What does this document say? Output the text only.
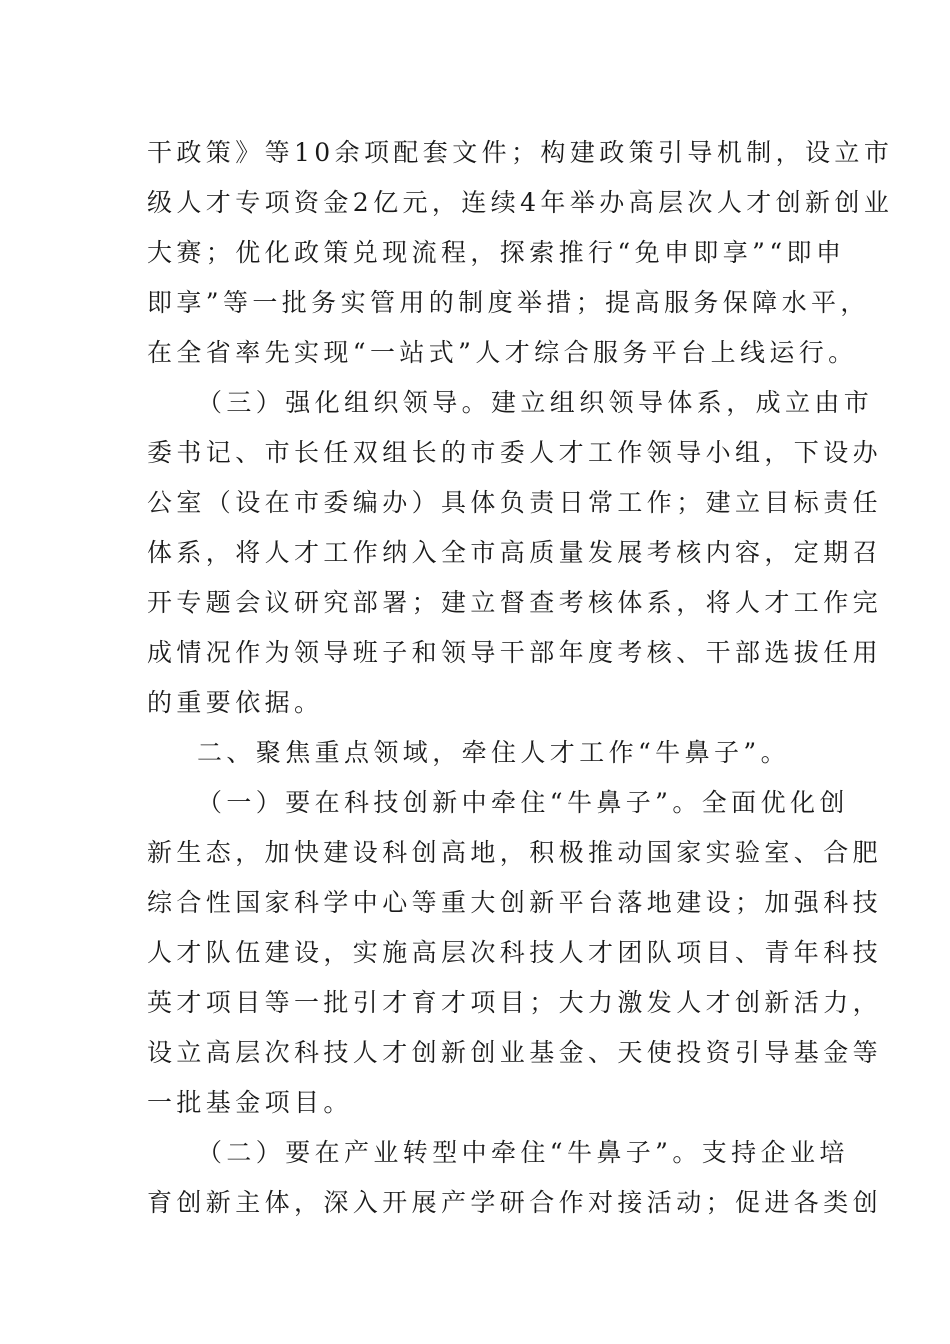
干政策》等10余项配套文件；构建政策引导机制，设立市
级人才专项资金2亿元，连续4年举办高层次人才创新创业
大赛；优化政策兑现流程，探索推行“免申即享”“即申
即享”等一批务实管用的制度举措；提高服务保障水平，
在全省率先实现“一站式”人才综合服务平台上线运行。
（三）强化组织领导。建立组织领导体系，成立由市
委书记、市长任双组长的市委人才工作领导小组，下设办
公室（设在市委编办）具体负责日常工作；建立目标责任
体系，将人才工作纳入全市高质量发展考核内容，定期召
开专题会议研究部署；建立督查考核体系，将人才工作完
成情况作为领导班子和领导干部年度考核、干部选拔任用
的重要依据。
二、聚焦重点领域，牵住人才工作“牛鼻子”。
（一）要在科技创新中牵住“牛鼻子”。全面优化创
新生态，加快建设科创高地，积极推动国家实验室、合肥
综合性国家科学中心等重大创新平台落地建设；加强科技
人才队伍建设，实施高层次科技人才团队项目、青年科技
英才项目等一批引才育才项目；大力激发人才创新活力，
设立高层次科技人才创新创业基金、天使投资引导基金等
一批基金项目。
（二）要在产业转型中牵住“牛鼻子”。支持企业培
育创新主体，深入开展产学研合作对接活动；促进各类创
